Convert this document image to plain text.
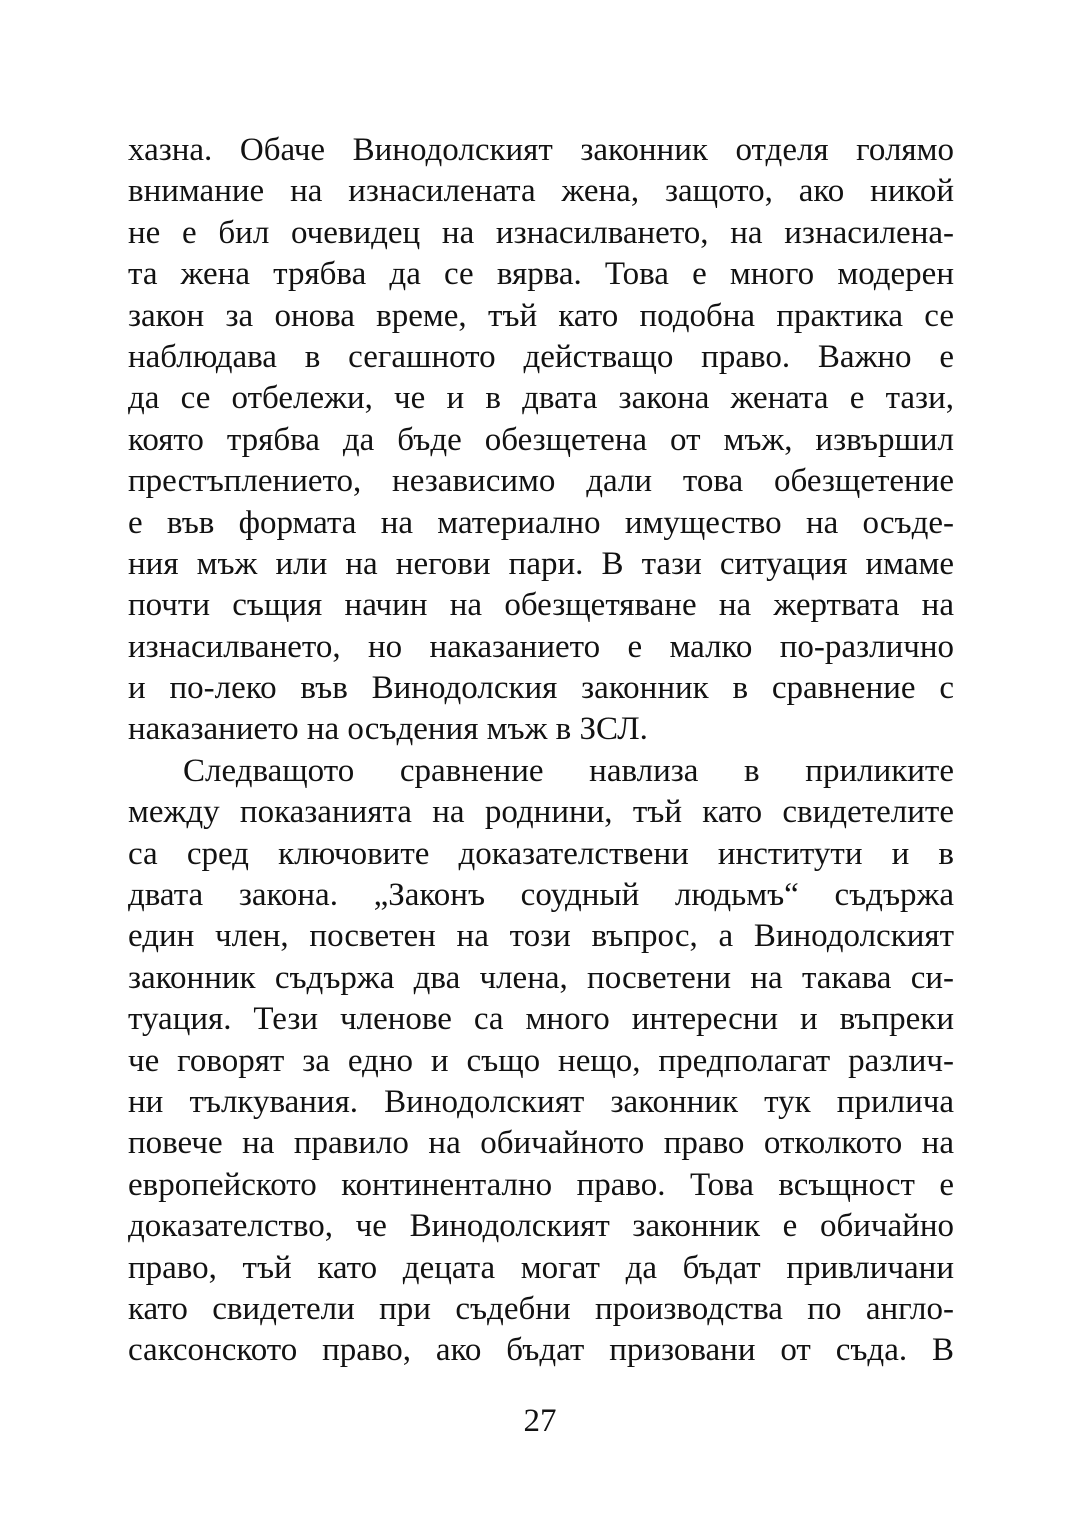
хазна. Обаче Винодолският законник отделя голямо
внимание на изнасилената жена, защото, ако никой
не е бил очевидец на изнасилването, на изнасилена-
та жена трябва да се вярва. Това е много модерен
закон за онова време, тъй като подобна практика се
наблюдава в сегашното действащо право. Важно е
да се отбележи, че и в двата закона жената е тази,
която трябва да бъде обезщетена от мъж, извършил
престъплението, независимо дали това обезщетение
е във формата на материално имущество на осъде-
ния мъж или на негови пари. В тази ситуация имаме
почти същия начин на обезщетяване на жертвата на
изнасилването, но наказанието е малко по-различно
и по-леко във Винодолския законник в сравнение с
наказанието на осъдения мъж в ЗСЛ.
Следващото сравнение навлиза в приликите
между показанията на роднини, тъй като свидетелите
са сред ключовите доказателствени институти и в
двата закона. „Законъ соудный людьмъ“ съдържа
един член, посветен на този въпрос, а Винодолският
законник съдържа два члена, посветени на такава си-
туация. Тези членове са много интересни и въпреки
че говорят за едно и също нещо, предполагат различ-
ни тълкувания. Винодолският законник тук прилича
повече на правило на обичайното право отколкото на
европейското континентално право. Това всъщност е
доказателство, че Винодолският законник е обичайно
право, тъй като децата могат да бъдат привличани
като свидетели при съдебни производства по англо-
саксонското право, ако бъдат призовани от съда. В
27
